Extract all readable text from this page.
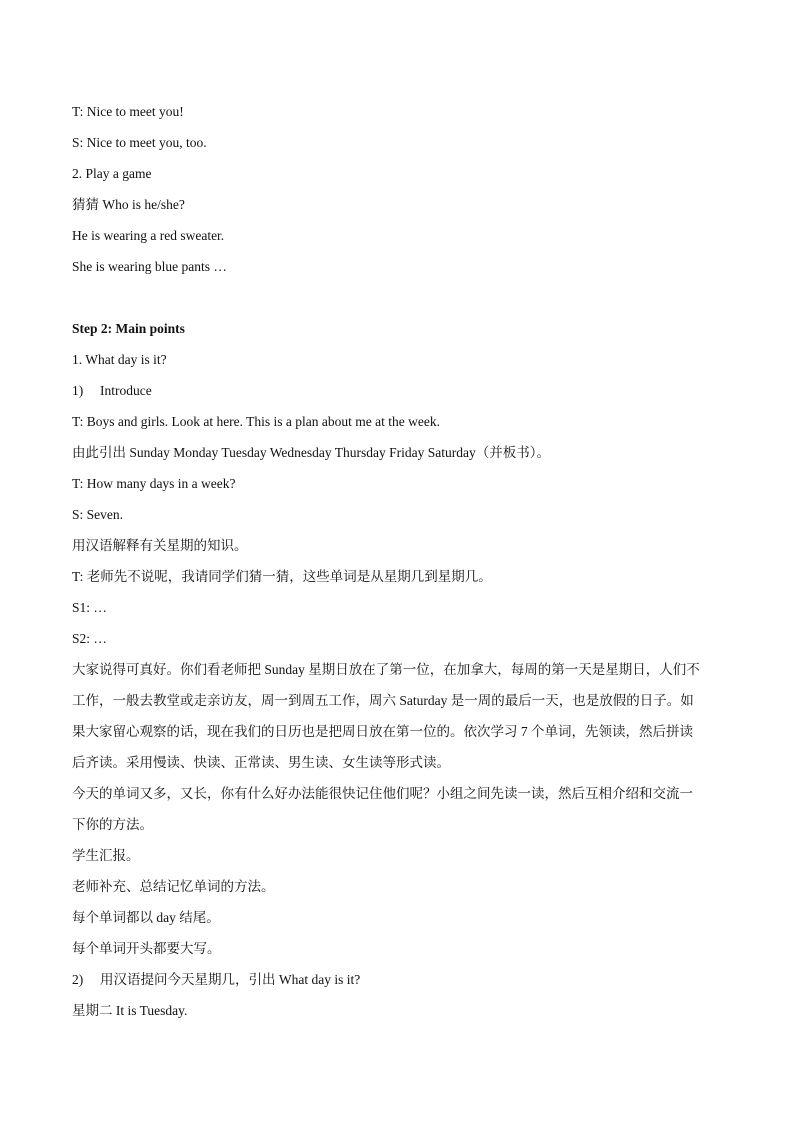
T: Nice to meet you!
S: Nice to meet you, too.
2. Play a game
猜猜 Who is he/she?
He is wearing a red sweater.
She is wearing blue pants …
Step 2: Main points
1. What day is it?
1) Introduce
T: Boys and girls. Look at here. This is a plan about me at the week.
由此引出 Sunday Monday Tuesday Wednesday Thursday Friday Saturday（并板书）。
T: How many days in a week?
S: Seven.
用汉语解释有关星期的知识。
T: 老师先不说呢，我请同学们猜一猜，这些单词是从星期几到星期几。
S1: …
S2: …
大家说得可真好。你们看老师把 Sunday 星期日放在了第一位，在加拿大，每周的第一天是星期日，人们不
工作，一般去教堂或走亲访友，周一到周五工作，周六 Saturday 是一周的最后一天，也是放假的日子。如
果大家留心观察的话，现在我们的日历也是把周日放在第一位的。依次学习 7 个单词，先领读，然后拼读
后齐读。采用慢读、快读、正常读、男生读、女生读等形式读。
今天的单词又多，又长，你有什么好办法能很快记住他们呢？小组之间先读一读，然后互相介绍和交流一
下你的方法。
学生汇报。
老师补充、总结记忆单词的方法。
每个单词都以 day 结尾。
每个单词开头都要大写。
2) 用汉语提问今天星期几，引出 What day is it?
星期二 It is Tuesday.
